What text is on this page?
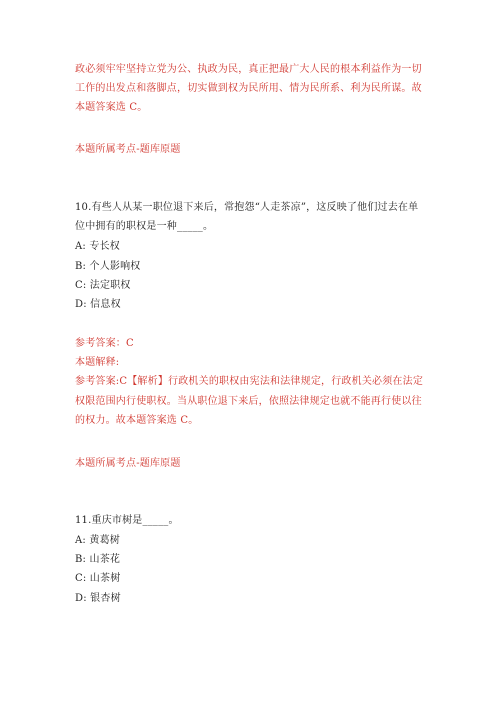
政必须牢牢坚持立党为公、执政为民，真正把最广大人民的根本利益作为一切
工作的出发点和落脚点，切实做到权为民所用、情为民所系、利为民所谋。故
本题答案选 C。
本题所属考点-题库原题
10.有些人从某一职位退下来后，常抱怨“人走茶凉”，这反映了他们过去在单
位中拥有的职权是一种_____。
A: 专长权
B: 个人影响权
C: 法定职权
D: 信息权
参考答案：C
本题解释:
参考答案:C【解析】行政机关的职权由宪法和法律规定，行政机关必须在法定
权限范围内行使职权。当从职位退下来后，依照法律规定也就不能再行使以往
的权力。故本题答案选 C。
本题所属考点-题库原题
11.重庆市树是_____。
A: 黄葛树
B: 山茶花
C: 山茶树
D: 银杏树
